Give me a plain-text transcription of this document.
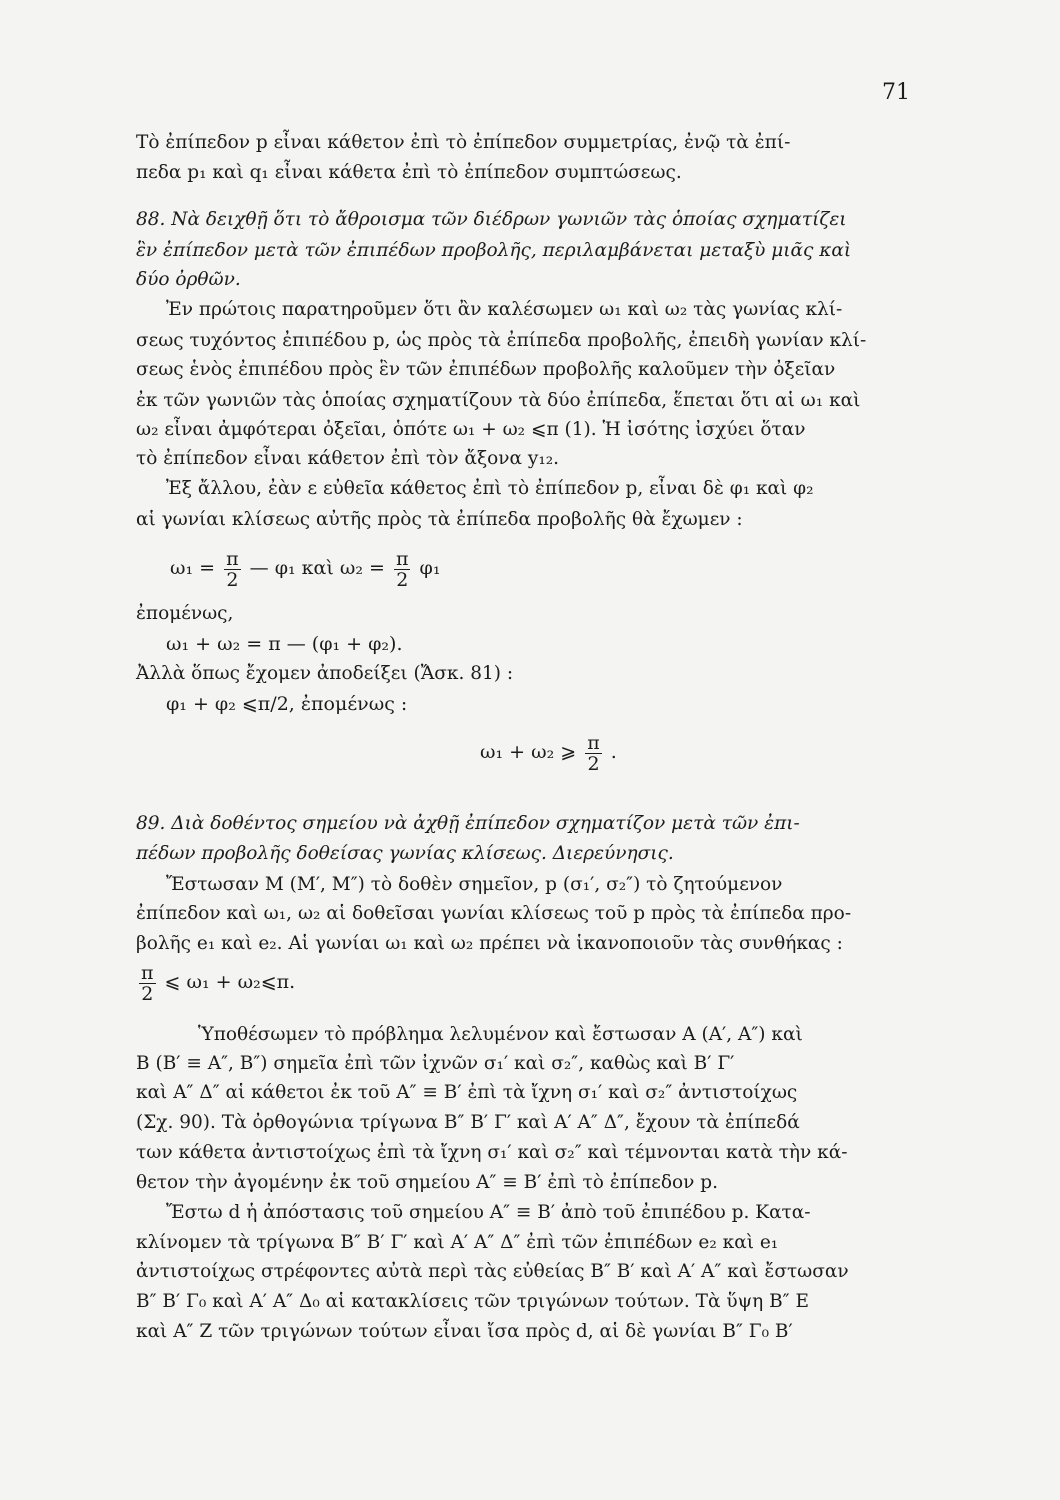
71
Τὸ ἐπίπεδον p εἶναι κάθετον ἐπὶ τὸ ἐπίπεδον συμμετρίας, ἐνῷ τὰ ἐπί-
πεδα p₁ καὶ q₁ εἶναι κάθετα ἐπὶ τὸ ἐπίπεδον συμπτώσεως.
88. Νὰ δειχθῇ ὅτι τὸ ἄθροισμα τῶν διέδρων γωνιῶν τὰς ὁποίας σχηματίζει
ἓν ἐπίπεδον μετὰ τῶν ἐπιπέδων προβολῆς, περιλαμβάνεται μεταξὺ μιᾶς καὶ
δύο ὀρθῶν.
Ἐν πρώτοις παρατηροῦμεν ὅτι ἂν καλέσωμεν ω₁ καὶ ω₂ τὰς γωνίας κλί-
σεως τυχόντος ἐπιπέδου p, ὡς πρὸς τὰ ἐπίπεδα προβολῆς, ἐπειδὴ γωνίαν κλί-
σεως ἑνὸς ἐπιπέδου πρὸς ἓν τῶν ἐπιπέδων προβολῆς καλοῦμεν τὴν ὀξεῖαν
ἐκ τῶν γωνιῶν τὰς ὁποίας σχηματίζουν τὰ δύο ἐπίπεδα, ἕπεται ὅτι αἱ ω₁ καὶ
ω₂ εἶναι ἀμφότεραι ὀξεῖαι, ὁπότε ω₁ + ω₂ ⩽π (1). Ἡ ἰσότης ἰσχύει ὅταν
τὸ ἐπίπεδον εἶναι κάθετον ἐπὶ τὸν ἄξονα y₁₂.
Ἐξ ἄλλου, ἐὰν ε εὐθεῖα κάθετος ἐπὶ τὸ ἐπίπεδον p, εἶναι δὲ φ₁ καὶ φ₂
αἱ γωνίαι κλίσεως αὐτῆς πρὸς τὰ ἐπίπεδα προβολῆς θὰ ἔχωμεν :
$\omega_1 = \frac{\pi}{2}$ — φ₁ καὶ $\omega_2 = \frac{\pi}{2} \varphi_1$
ἐπομένως,
ω₁ + ω₂ = π — (φ₁ + φ₂).
Ἀλλὰ ὅπως ἔχομεν ἀποδείξει (Ἄσκ. 81) :
φ₁ + φ₂ ⩽π/2, ἐπομένως :
ω₁ + ω₂ ⩾ $\frac{\pi}{2}$ .
89. Διὰ δοθέντος σημείου νὰ ἀχθῇ ἐπίπεδον σχηματίζον μετὰ τῶν ἐπι-
πέδων προβολῆς δοθείσας γωνίας κλίσεως. Διερεύνησις.
Ἔστωσαν M (M′, M″) τὸ δοθὲν σημεῖον, p (σ₁′, σ₂″) τὸ ζητούμενον
ἐπίπεδον καὶ ω₁, ω₂ αἱ δοθεῖσαι γωνίαι κλίσεως τοῦ p πρὸς τὰ ἐπίπεδα προ-
βολῆς e₁ καὶ e₂. Αἱ γωνίαι ω₁ καὶ ω₂ πρέπει νὰ ἱκανοποιοῦν τὰς συνθήκας :
$\frac{\pi}{2}$ ⩽ ω₁ + ω₂⩽π.
Ὑποθέσωμεν τὸ πρόβλημα λελυμένον καὶ ἔστωσαν A (A′, A″) καὶ
B (B′ ≡ A″, B″) σημεῖα ἐπὶ τῶν ἰχνῶν σ₁′ καὶ σ₂″, καθὼς καὶ B′ Γ′
καὶ A″ Δ″ αἱ κάθετοι ἐκ τοῦ A″ ≡ B′ ἐπὶ τὰ ἴχνη σ₁′ καὶ σ₂″ ἀντιστοίχως
(Σχ. 90). Τὰ ὀρθογώνια τρίγωνα B″ B′ Γ′ καὶ A′ A″ Δ″, ἔχουν τὰ ἐπίπεδά
των κάθετα ἀντιστοίχως ἐπὶ τὰ ἴχνη σ₁′ καὶ σ₂″ καὶ τέμνονται κατὰ τὴν κά-
θετον τὴν ἀγομένην ἐκ τοῦ σημείου A″ ≡ B′ ἐπὶ τὸ ἐπίπεδον p.
Ἔστω d ἡ ἀπόστασις τοῦ σημείου A″ ≡ B′ ἀπὸ τοῦ ἐπιπέδου p. Κατα-
κλίνομεν τὰ τρίγωνα B″ B′ Γ′ καὶ A′ A″ Δ″ ἐπὶ τῶν ἐπιπέδων e₂ καὶ e₁
ἀντιστοίχως στρέφοντες αὐτὰ περὶ τὰς εὐθείας B″ B′ καὶ A′ A″ καὶ ἔστωσαν
B″ B′ Γ₀ καὶ A′ A″ Δ₀ αἱ κατακλίσεις τῶν τριγώνων τούτων. Τὰ ὕψη B″ E
καὶ A″ Z τῶν τριγώνων τούτων εἶναι ἴσα πρὸς d, αἱ δὲ γωνίαι B″ Γ₀ B′
